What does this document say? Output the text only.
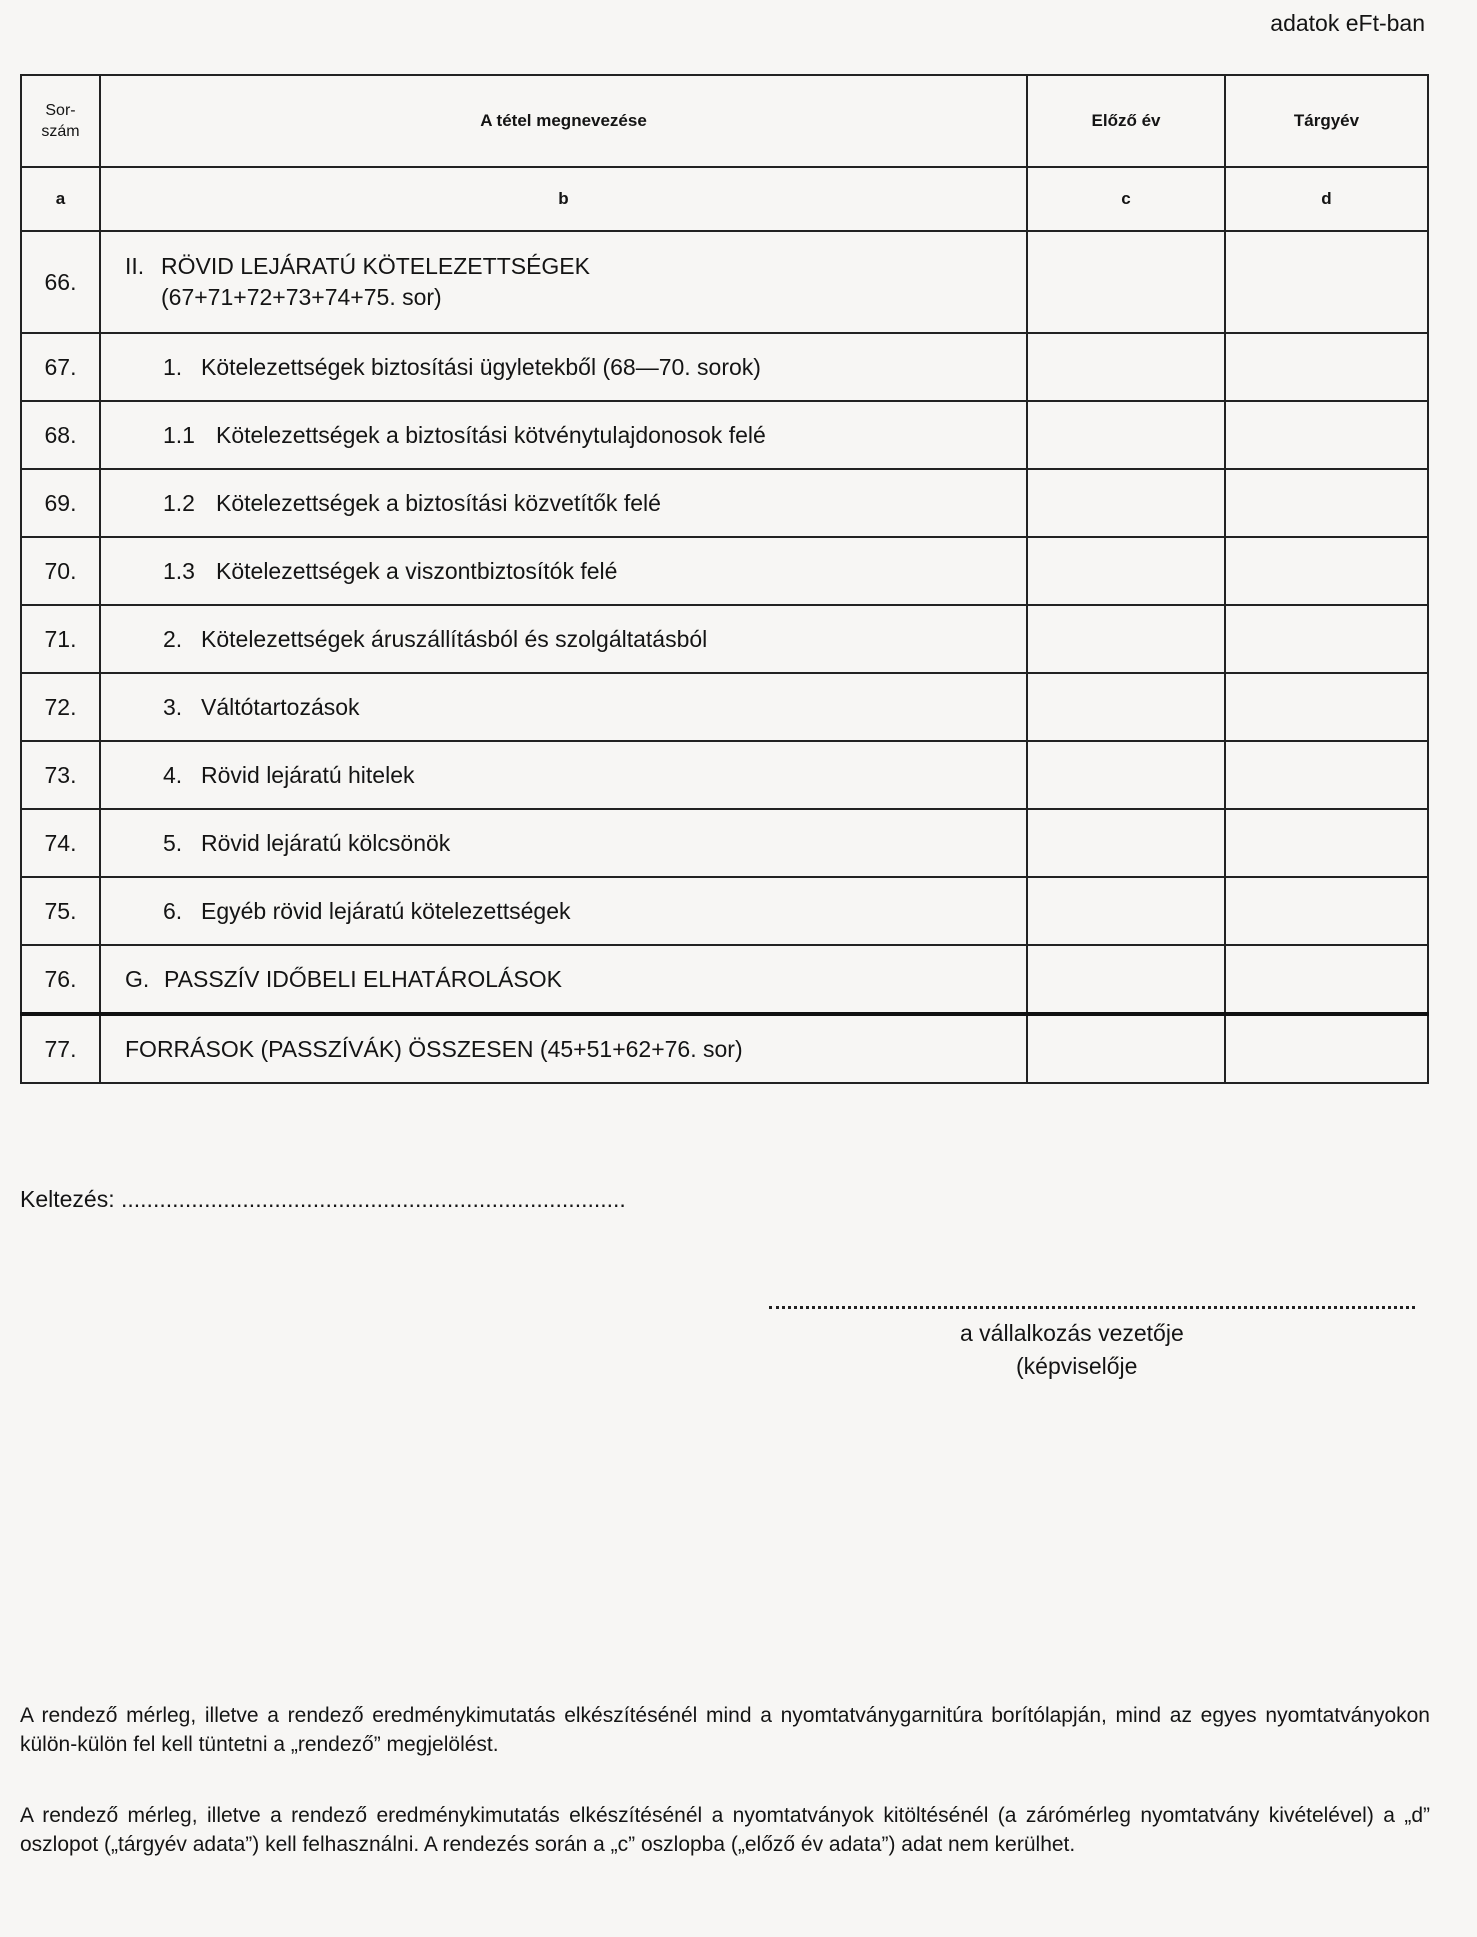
adatok eFt-ban
Sor-
szám	A tétel megnevezése	Előző év	Tárgyév
a	b	c	d
66.	II. RÖVID LEJÁRATÚ KÖTELEZETTSÉGEK
(67+71+72+73+74+75. sor)		
67.	1. Kötelezettségek biztosítási ügyletekből (68—70. sorok)		
68.	1.1 Kötelezettségek a biztosítási kötvénytulajdonosok felé		
69.	1.2 Kötelezettségek a biztosítási közvetítők felé		
70.	1.3 Kötelezettségek a viszontbiztosítók felé		
71.	2. Kötelezettségek áruszállításból és szolgáltatásból		
72.	3. Váltótartozások		
73.	4. Rövid lejáratú hitelek		
74.	5. Rövid lejáratú kölcsönök		
75.	6. Egyéb rövid lejáratú kötelezettségek		
76.	G. PASSZÍV IDŐBELI ELHATÁROLÁSOK		
77.	FORRÁSOK (PASSZÍVÁK) ÖSSZESEN (45+51+62+76. sor)		
Keltezés: ...............................................................................
a vállalkozás vezetője
(képviselője
A rendező mérleg, illetve a rendező eredménykimutatás elkészítésénél mind a nyomtatványgarnitúra borítólapján, mind az egyes nyomtatványokon külön-külön fel kell tüntetni a „rendező” megjelölést.
A rendező mérleg, illetve a rendező eredménykimutatás elkészítésénél a nyomtatványok kitöltésénél (a zárómérleg nyomtatvány kivételével) a „d” oszlopot („tárgyév adata”) kell felhasználni. A rendezés során a „c” oszlopba („előző év adata”) adat nem kerülhet.
